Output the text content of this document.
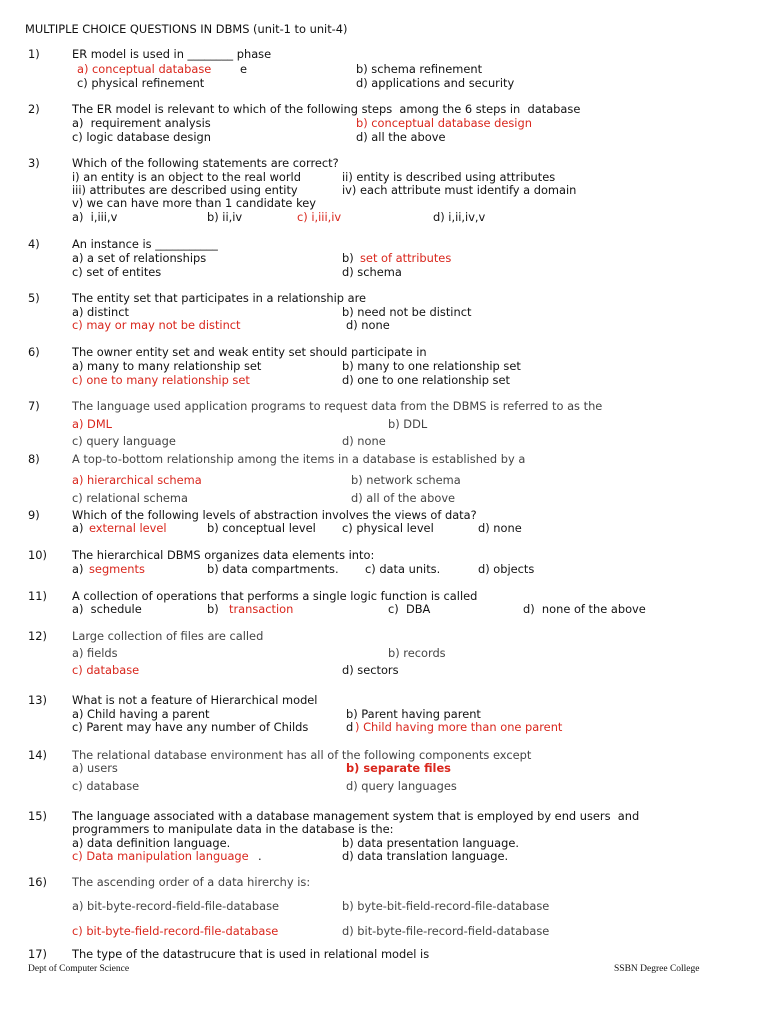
MULTIPLE CHOICE QUESTIONS IN DBMS (unit-1 to unit-4)
1)	ER model is used in ________ phase
a) conceptual database	e	b) schema refinement
c) physical refinement	d) applications and security
2)	The ER model is relevant to which of the following steps  among the 6 steps in  database
a)  requirement analysis	b) conceptual database design
c) logic database design	d) all the above
3)	Which of the following statements are correct?
i) an entity is an object to the real world	ii) entity is described using attributes
iii) attributes are described using entity	iv) each attribute must identify a domain
v) we can have more than 1 candidate key
a)  i,iii,v	b) ii,iv	c) i,iii,iv	d) i,ii,iv,v
4)	An instance is ___________
a) a set of relationships	b) set of attributes
c) set of entites	d) schema
5)	The entity set that participates in a relationship are
a) distinct	b) need not be distinct
c) may or may not be distinct	d) none
6)	The owner entity set and weak entity set should participate in
a) many to many relationship set	b) many to one relationship set
c) one to many relationship set	d) one to one relationship set
7)	The language used application programs to request data from the DBMS is referred to as the
a) DML	b) DDL
c) query language	d) none
8)	A top-to-bottom relationship among the items in a database is established by a
a) hierarchical schema	b) network schema
c) relational schema	d) all of the above
9)	Which of the following levels of abstraction involves the views of data?
a) external level	b) conceptual level c) physical level	d) none
10) The hierarchical DBMS organizes data elements into:
a) segments	b) data compartments. c) data units.	d) objects
11) A collection of operations that performs a single logic function is called
a)  schedule	b) transaction	c)  DBA	d)  none of the above
12) Large collection of files are called
a) fields	b) records
c) database	d) sectors
13) What is not a feature of Hierarchical model
a) Child having a parent	b) Parent having parent
c) Parent may have any number of Childs	d ) Child having more than one parent
14) The relational database environment has all of the following components except
a) users	b) separate files
c) database	d) query languages
15) The language associated with a database management system that is employed by end users  and
programmers to manipulate data in the database is the:
a) data definition language.	b) data presentation language.
c) Data manipulation language .	d) data translation language.
16) The ascending order of a data hirerchy is:
a) bit-byte-record-field-file-database	b) byte-bit-field-record-file-database
c) bit-byte-field-record-file-database	d) bit-byte-file-record-field-database
17) The type of the datastrucure that is used in relational model is
Dept of Computer Science	SSBN Degree College
